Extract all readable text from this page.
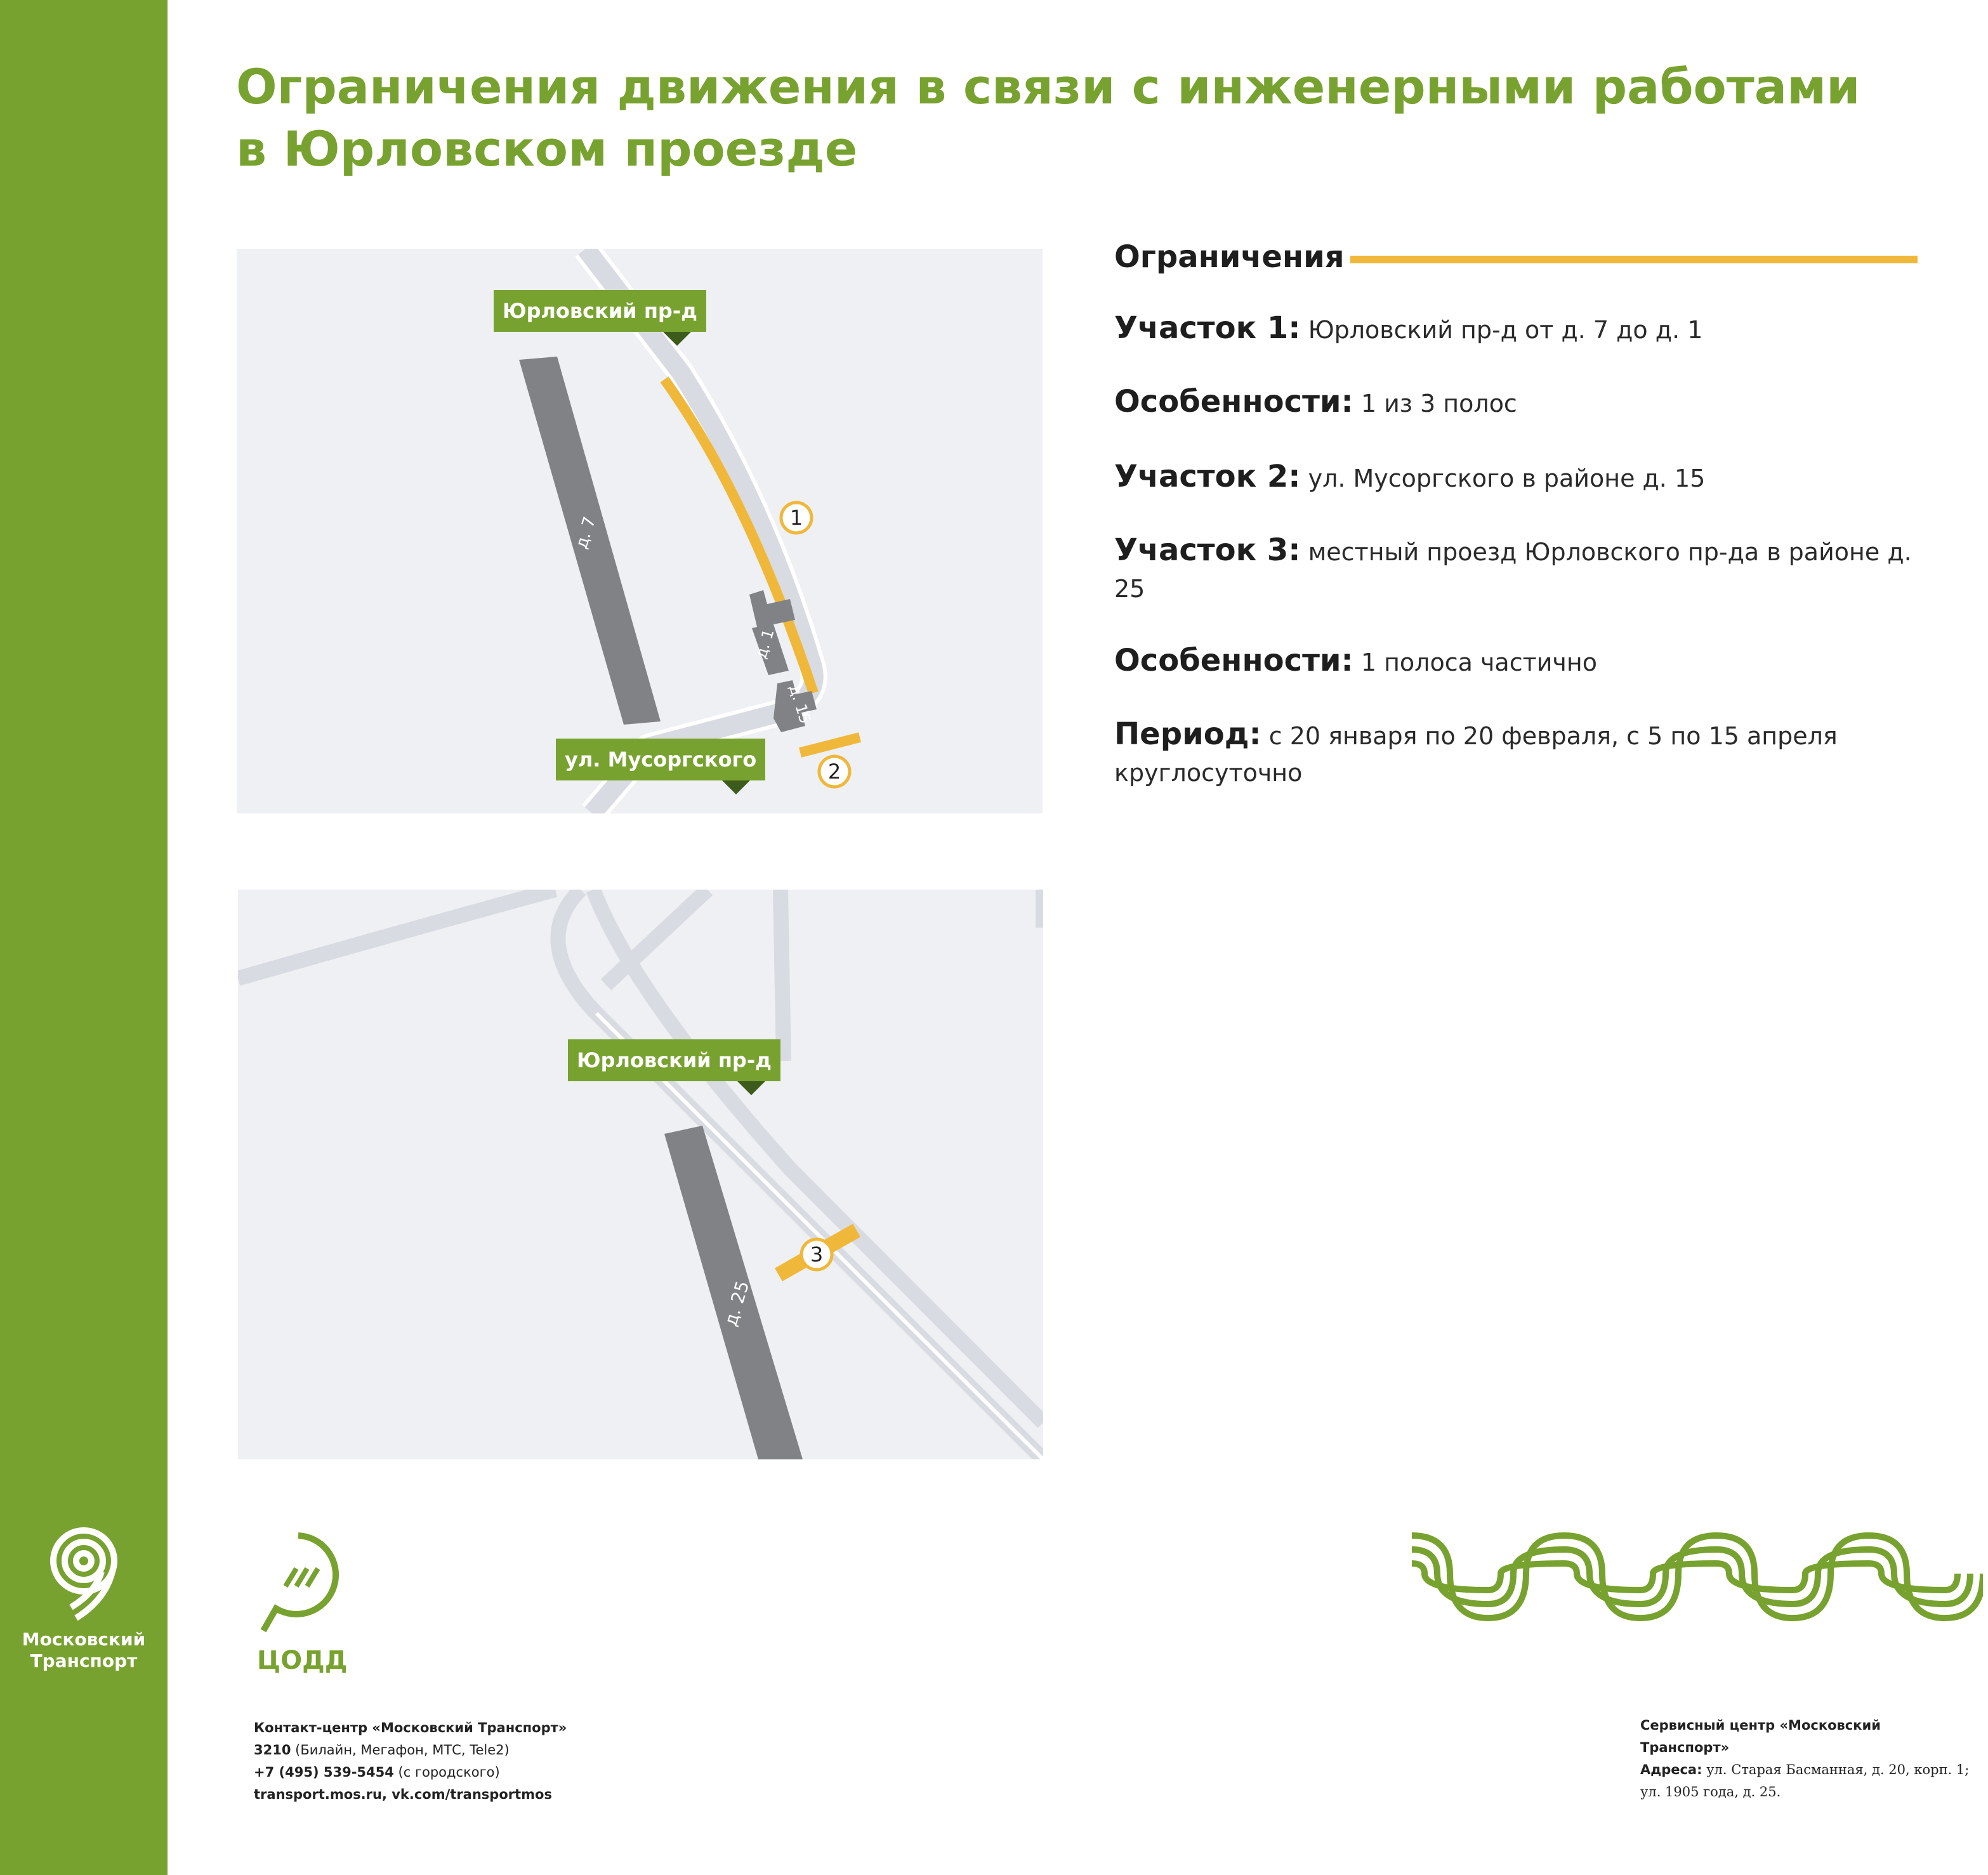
Московский
Транспорт
Ограничения движения в связи с инженерными работами
в Юрловском проезде
д. 7
д. 1
д. 15
1
2
Юрловский пр-д
ул. Мусоргского
д. 25
3
Юрловский пр-д
Ограничения
Участок 1: Юрловский пр-д от д. 7 до д. 1
Особенности: 1 из 3 полос
Участок 2: ул. Мусоргского в районе д. 15
Участок 3: местный проезд Юрловского пр-да в районе д. 25
Особенности: 1 полоса частично
Период: с 20 января по 20 февраля, с 5 по 15 апреля круглосуточно
ЦОДД
Контакт-центр «Московский Транспорт»
3210 (Билайн, Мегафон, МТС, Tele2)
+7 (495) 539-5454 (с городского)
transport.mos.ru, vk.com/transportmos
Сервисный центр «Московский Транспорт»
Адреса: ул. Старая Басманная, д. 20, корп. 1;
ул. 1905 года, д. 25.
